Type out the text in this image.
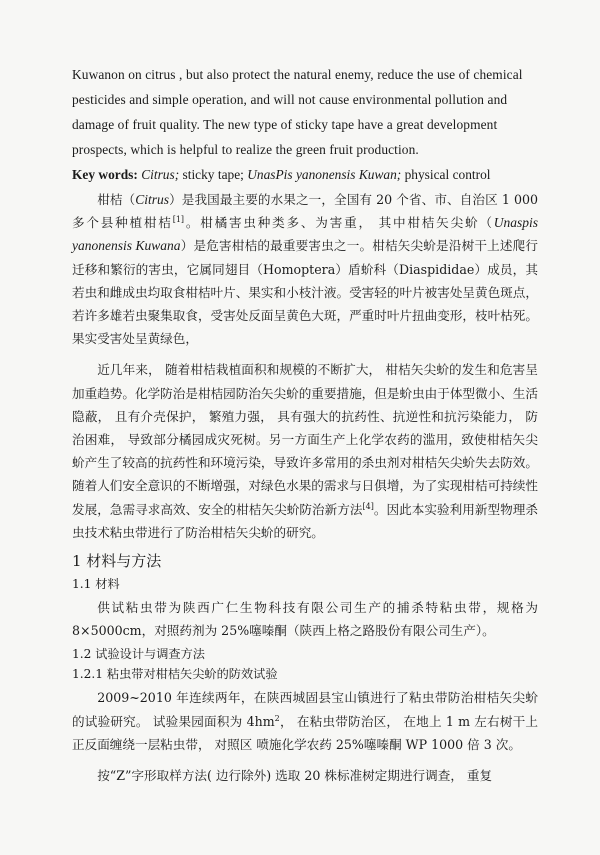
Kuwanon on citrus , but also protect the natural enemy, reduce the use of chemical

pesticides and simple operation, and will not cause environmental pollution and

damage of fruit quality. The new type of sticky tape have a great development

prospects, which is helpful to realize the green fruit production.

Key words: Citrus; sticky tape; UnasPis yanonensis Kuwan; physical control

柑桔（Citrus）是我国最主要的水果之一，全国有 20 个省、市、自治区 1 000 多个县种植柑桔[1]。柑橘害虫种类多、为害重， 其中柑桔矢尖蚧（Unaspis yanonensis Kuwana）是危害柑桔的最重要害虫之一。柑桔矢尖蚧是沿树干上述爬行迁移和繁衍的害虫，它属同翅目（Homoptera）盾蚧科（Diaspididae）成员，其若虫和雌成虫均取食柑桔叶片、果实和小枝汁液。受害轻的叶片被害处呈黄色斑点，若许多雄若虫聚集取食，受害处反面呈黄色大斑，严重时叶片扭曲变形，枝叶枯死。果实受害处呈黄绿色，

近几年来， 随着柑桔栽植面积和规模的不断扩大， 柑桔矢尖蚧的发生和危害呈加重趋势。化学防治是柑桔园防治矢尖蚧的重要措施，但是蚧虫由于体型微小、生活隐蔽， 且有介壳保护， 繁殖力强， 具有强大的抗药性、抗逆性和抗污染能力， 防治困难， 导致部分橘园成灾死树。另一方面生产上化学农药的滥用，致使柑桔矢尖蚧产生了较高的抗药性和环境污染，导致许多常用的杀虫剂对柑桔矢尖蚧失去防效。随着人们安全意识的不断增强，对绿色水果的需求与日俱增，为了实现柑桔可持续性发展，急需寻求高效、安全的柑桔矢尖蚧防治新方法[4]。因此本实验利用新型物理杀虫技术粘虫带进行了防治柑桔矢尖蚧的研究。

1 材料与方法

1.1 材料

供试粘虫带为陕西广仁生物科技有限公司生产的捕杀特粘虫带，规格为 8×5000cm，对照药剂为 25%噻嗪酮（陕西上格之路股份有限公司生产）。

1.2 试验设计与调查方法

1.2.1 粘虫带对柑桔矢尖蚧的防效试验

2009~2010 年连续两年，在陕西城固县宝山镇进行了粘虫带防治柑桔矢尖蚧的试验研究。 试验果园面积为 $4hm^2$， 在粘虫带防治区， 在地上 1 m 左右树干上正反面缠绕一层粘虫带， 对照区 喷施化学农药 25%噻嗪酮 WP 1000 倍 3 次。

按“Z”字形取样方法( 边行除外) 选取 20 株标准树定期进行调查， 重复
